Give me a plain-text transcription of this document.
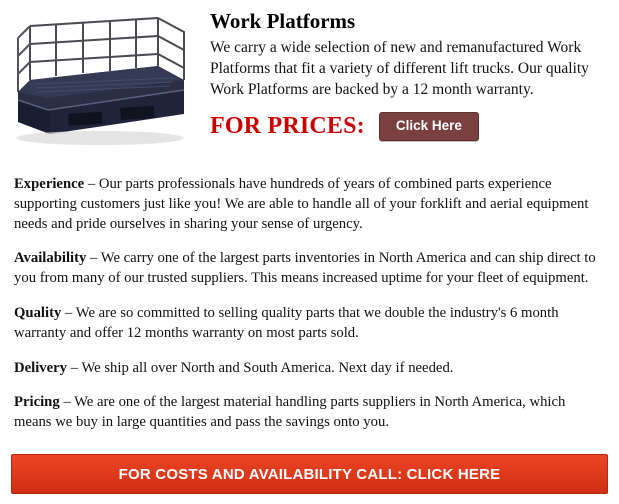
Work Platforms

We carry a wide selection of new and remanufactured Work Platforms that fit a variety of different lift trucks. Our quality Work Platforms are backed by a 12 month warranty.

FOR PRICES:	Click Here

Experience – Our parts professionals have hundreds of years of combined parts experience supporting customers just like you! We are able to handle all of your forklift and aerial equipment needs and pride ourselves in sharing your sense of urgency.

Availability – We carry one of the largest parts inventories in North America and can ship direct to you from many of our trusted suppliers. This means increased uptime for your fleet of equipment.

Quality – We are so committed to selling quality parts that we double the industry's 6 month warranty and offer 12 months warranty on most parts sold.

Delivery – We ship all over North and South America. Next day if needed.

Pricing – We are one of the largest material handling parts suppliers in North America, which means we buy in large quantities and pass the savings onto you.

FOR COSTS AND AVAILABILITY CALL: CLICK HERE
